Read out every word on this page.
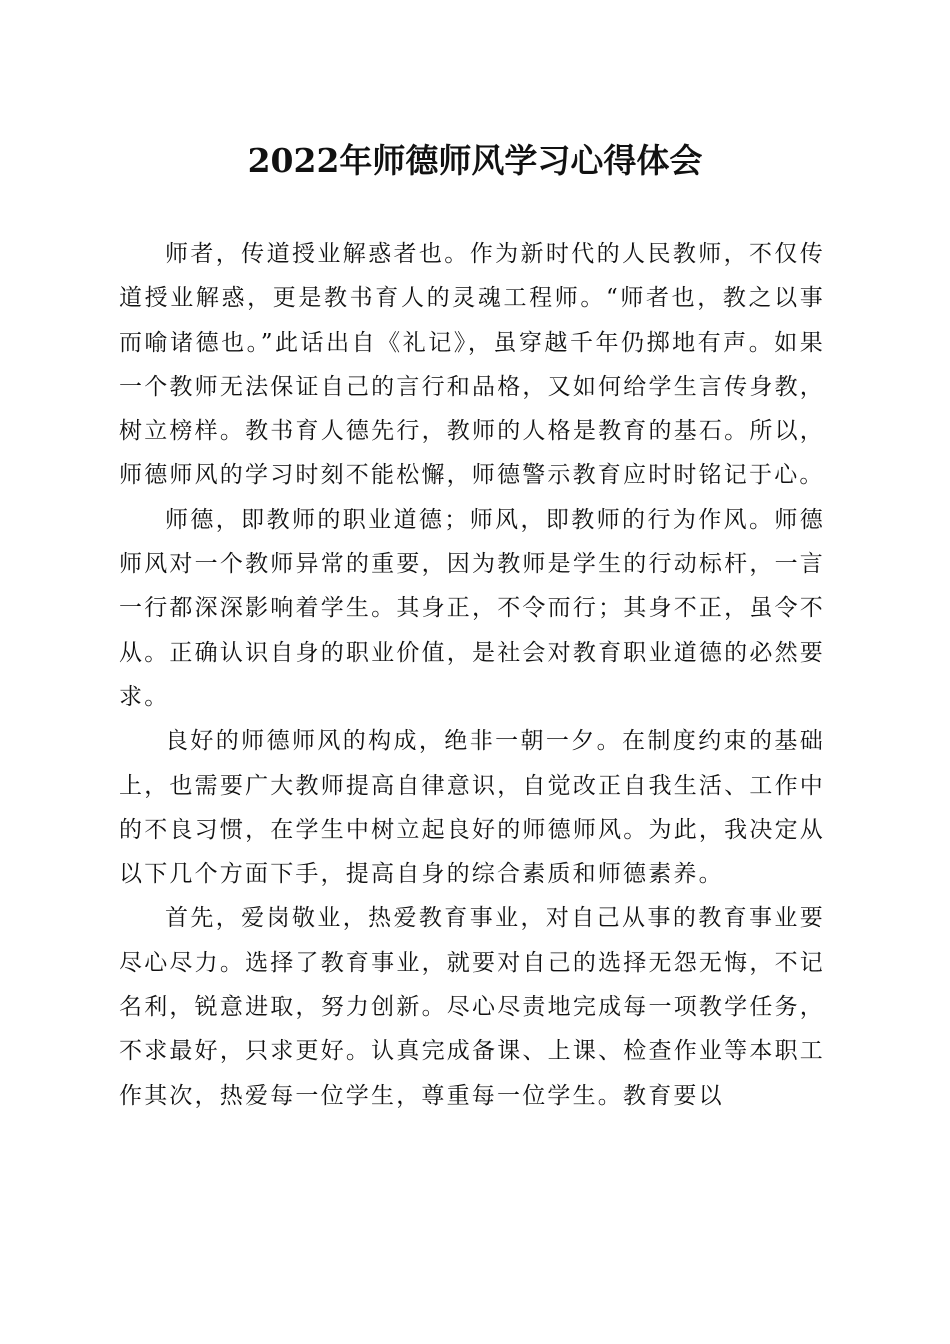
2022年师德师风学习心得体会

师者，传道授业解惑者也。作为新时代的人民教师，不仅传道授业解惑，更是教书育人的灵魂工程师。“师者也，教之以事而喻诸德也。”此话出自《礼记》，虽穿越千年仍掷地有声。如果一个教师无法保证自己的言行和品格，又如何给学生言传身教，树立榜样。教书育人德先行，教师的人格是教育的基石。所以，师德师风的学习时刻不能松懈，师德警示教育应时时铭记于心。

师德，即教师的职业道德；师风，即教师的行为作风。师德师风对一个教师异常的重要，因为教师是学生的行动标杆，一言一行都深深影响着学生。其身正，不令而行；其身不正，虽令不从。正确认识自身的职业价值，是社会对教育职业道德的必然要求。

良好的师德师风的构成，绝非一朝一夕。在制度约束的基础上，也需要广大教师提高自律意识，自觉改正自我生活、工作中的不良习惯，在学生中树立起良好的师德师风。为此，我决定从以下几个方面下手，提高自身的综合素质和师德素养。

首先，爱岗敬业，热爱教育事业，对自己从事的教育事业要尽心尽力。选择了教育事业，就要对自己的选择无怨无悔，不记名利，锐意进取，努力创新。尽心尽责地完成每一项教学任务，不求最好，只求更好。认真完成备课、上课、检查作业等本职工作其次，热爱每一位学生，尊重每一位学生。教育要以
